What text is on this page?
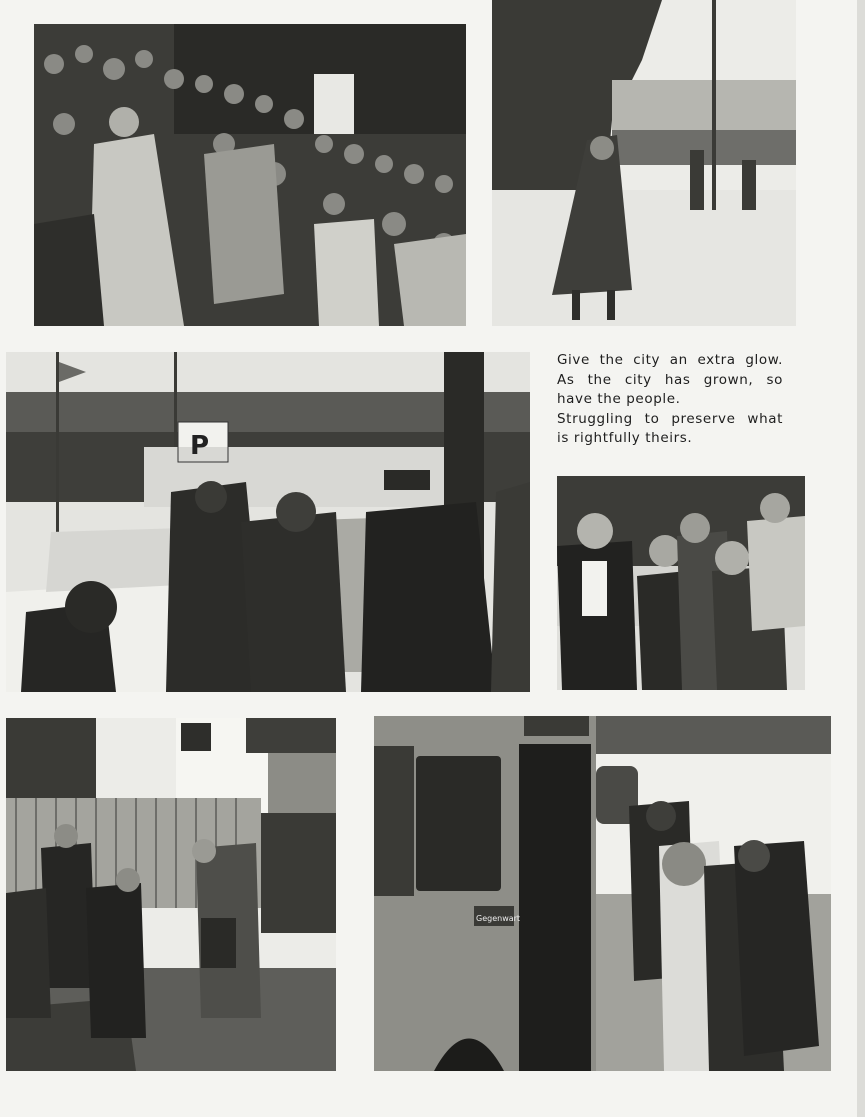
P
Give the city an extra glow.
As the city has grown, so
have the people.
Struggling to preserve what
is rightfully theirs.
Gegenwart
